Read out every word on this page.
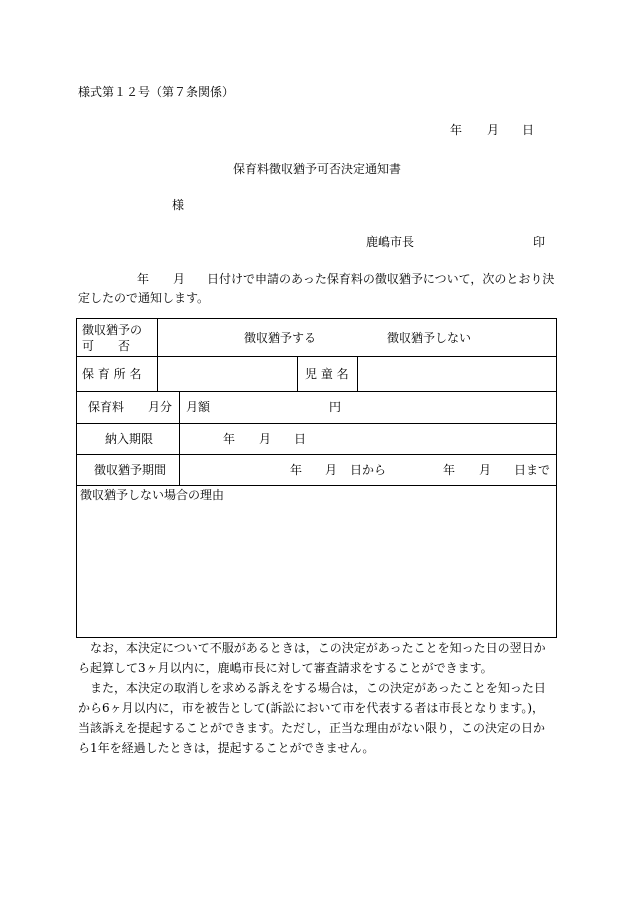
様式第１２号（第７条関係）
年 月 日
保育料徴収猶予可否決定通知書
様
鹿嶋市長	印
年 月 日付けで申請のあった保育料の徴収猶予について，次のとおり決
定したので通知します。
徴収猶予の
可　　否
徴収猶予する	徴収猶予しない
保 育 所 名	児 童 名
保育料　　月分 月額	円
納入期限	年 月 日
徴収猶予期間	年 月 日から	年 月 日まで
徴収猶予しない場合の理由
なお，本決定について不服があるときは，この決定があったことを知った日の翌日から起算して3ヶ月以内に，鹿嶋市長に対して審査請求をすることができます。
また，本決定の取消しを求める訴えをする場合は，この決定があったことを知った日から6ヶ月以内に，市を被告として(訴訟において市を代表する者は市長となります。)，当該訴えを提起することができます。ただし，正当な理由がない限り，この決定の日から1年を経過したときは，提起することができません。
